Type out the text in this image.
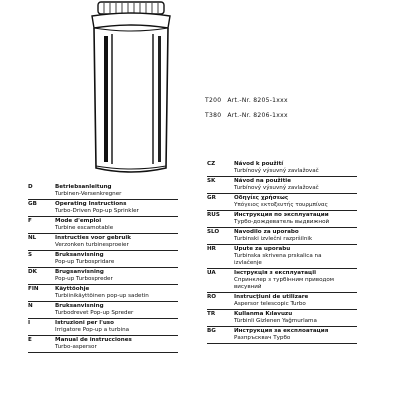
T200 Art.-Nr. 8205-1xxx
T380 Art.-Nr. 8206-1xxx
D	Betriebsanleitung
Turbinen-Versenkregner
GB	Operating Instructions
Turbo-Driven Pop-up Sprinkler
F	Mode d'emploi
Turbine escamotable
NL	Instructies voor gebruik
Verzonken turbinesproeier
S	Bruksanvisning
Pop-up Turbospridare
DK	Brugsanvisning
Pop-up Turbospreder
FIN	Käyttöohje
Turbiinikäyttöinen pop-up sadetin
N	Bruksanvisning
Turbodrevet Pop-up Spreder
I	Istruzioni per l'uso
Irrigatore Pop-up a turbina
E	Manual de instrucciones
Turbo-aspersor
CZ	Návod k použití
Turbínový výsuvný zavlažovač
SK	Návod na použitie
Turbínový výsuvný zavlažovač
GR	Οδηγίες χρήσεως
Υπόγειος εκτοξευτής τουρμπίνας
RUS	Инструкция по эксплуатации
Турбо-дождеватель выдвижной
SLO	Navodilo za uporabo
Turbinski izvlečni razpršilnik
HR	Upute za uporabu
Turbinska skrivena prskalica na
izvlačenje
UA	Інструкція з експлуатації
Спринклер з турбінним приводом
висувний
RO	Instrucţiuni de utilizare
Aspersor telescopic Turbo
TR	Kullanma Kılavuzu
Türbinli Gizlenen Yağmurlama
BG	Инструкция за експлоатация
Разпръсквач Турбо
